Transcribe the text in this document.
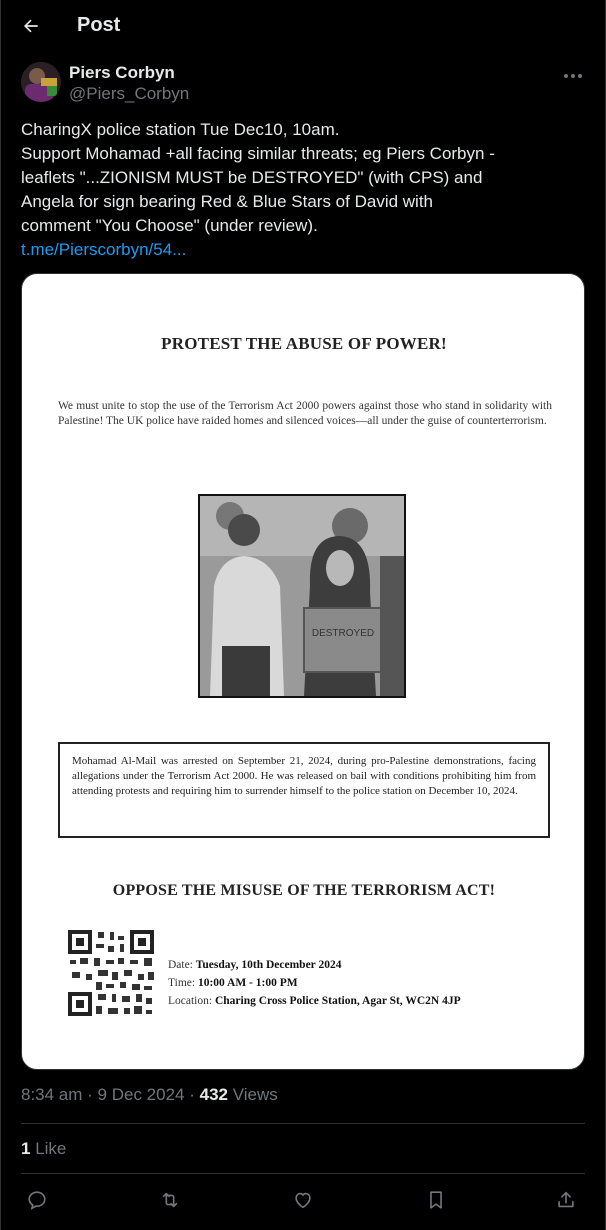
Post
Piers Corbyn
@Piers_Corbyn
CharingX police station Tue Dec10, 10am.
Support Mohamad +all facing similar threats; eg Piers Corbyn -
leaflets "...ZIONISM MUST be DESTROYED" (with CPS) and
Angela for sign bearing Red & Blue Stars of David with
comment "You Choose" (under review).
t.me/Pierscorbyn/54...
PROTEST THE ABUSE OF POWER!
We must unite to stop the use of the Terrorism Act 2000 powers against those who stand in solidarity with Palestine! The UK police have raided homes and silenced voices—all under the guise of counterterrorism.
DESTROYED
Mohamad Al-Mail was arrested on September 21, 2024, during pro-Palestine demonstrations, facing allegations under the Terrorism Act 2000. He was released on bail with conditions prohibiting him from attending protests and requiring him to surrender himself to the police station on December 10, 2024.
OPPOSE THE MISUSE OF THE TERRORISM ACT!
Date: Tuesday, 10th December 2024
Time: 10:00 AM - 1:00 PM
Location: Charing Cross Police Station, Agar St, WC2N 4JP
8:34 am · 9 Dec 2024 · 432 Views
1 Like
